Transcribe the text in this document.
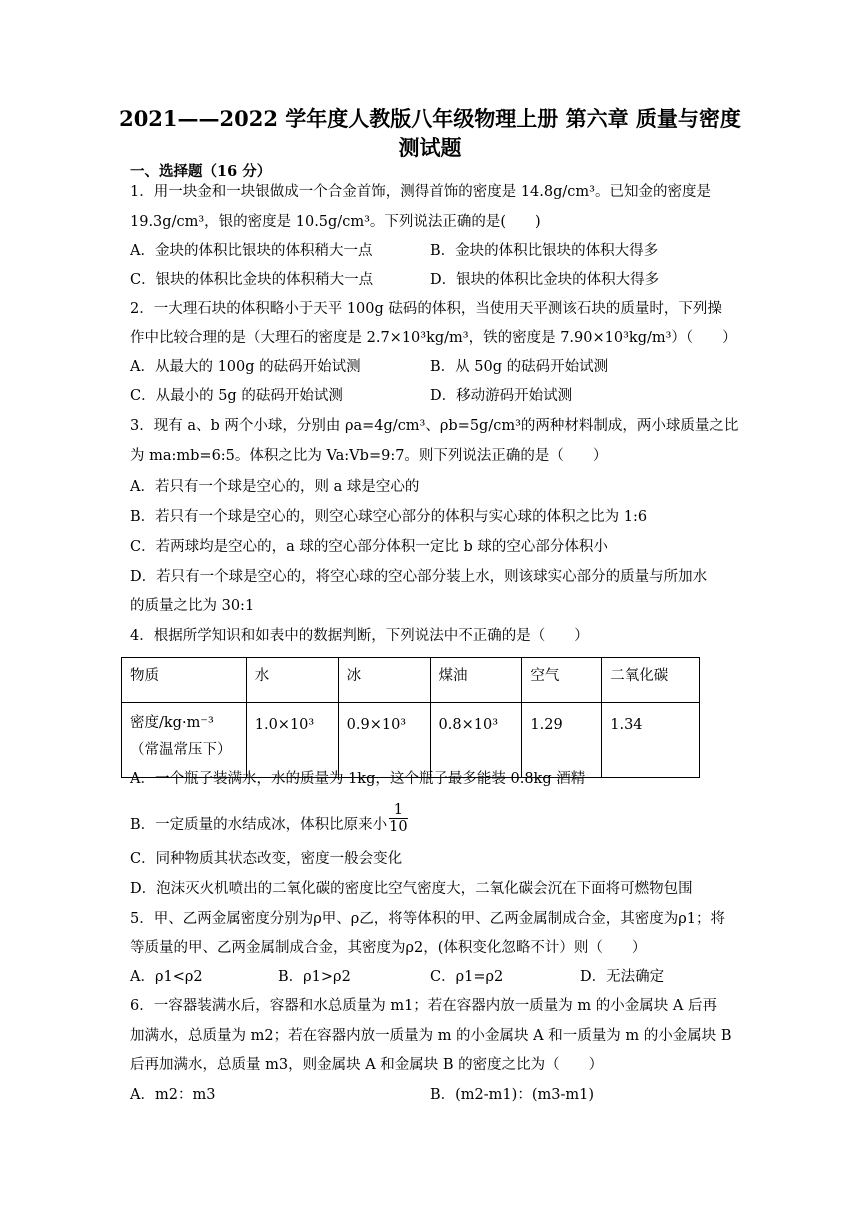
2021——2022 学年度人教版八年级物理上册 第六章 质量与密度 测试题
一、选择题（16 分）
1．用一块金和一块银做成一个合金首饰，测得首饰的密度是 14.8g/cm³。已知金的密度是
19.3g/cm³，银的密度是 10.5g/cm³。下列说法正确的是(　　)
A．金块的体积比银块的体积稍大一点	B．金块的体积比银块的体积大得多
C．银块的体积比金块的体积稍大一点	D．银块的体积比金块的体积大得多
2．一大理石块的体积略小于天平 100g 砝码的体积，当使用天平测该石块的质量时，下列操
作中比较合理的是（大理石的密度是 2.7×10³kg/m³，铁的密度是 7.90×10³kg/m³）（　　）
A．从最大的 100g 的砝码开始试测	B．从 50g 的砝码开始试测
C．从最小的 5g 的砝码开始试测	D．移动游码开始试测
3．现有 a、b 两个小球，分别由 ρa=4g/cm³、ρb=5g/cm³的两种材料制成，两小球质量之比
为 ma:mb=6:5。体积之比为 Va:Vb=9:7。则下列说法正确的是（　　）
A．若只有一个球是空心的，则 a 球是空心的
B．若只有一个球是空心的，则空心球空心部分的体积与实心球的体积之比为 1:6
C．若两球均是空心的，a 球的空心部分体积一定比 b 球的空心部分体积小
D．若只有一个球是空心的，将空心球的空心部分装上水，则该球实心部分的质量与所加水
的质量之比为 30:1
4．根据所学知识和如表中的数据判断，下列说法中不正确的是（　　）
物质	水	冰	煤油	空气	二氧化碳

密度/kg·m⁻³
（常温常压下）	1.0×10³	0.9×10³	0.8×10³	1.29	1.34
A．一个瓶子装满水，水的质量为 1kg，这个瓶子最多能装 0.8kg 酒精
B．一定质量的水结成冰，体积比原来小 $\frac{1}{10}$
C．同种物质其状态改变，密度一般会变化
D．泡沫灭火机喷出的二氧化碳的密度比空气密度大，二氧化碳会沉在下面将可燃物包围
5．甲、乙两金属密度分别为ρ甲、ρ乙，将等体积的甲、乙两金属制成合金，其密度为ρ1；将
等质量的甲、乙两金属制成合金，其密度为ρ2，(体积变化忽略不计）则（　　）
A．ρ1<ρ2	B．ρ1>ρ2	C．ρ1=ρ2	D．无法确定
6．一容器装满水后，容器和水总质量为 m1；若在容器内放一质量为 m 的小金属块 A 后再
加满水，总质量为 m2；若在容器内放一质量为 m 的小金属块 A 和一质量为 m 的小金属块 B
后再加满水，总质量 m3，则金属块 A 和金属块 B 的密度之比为（　　）
A．m2：m3	B．(m2-m1)：(m3-m1)
